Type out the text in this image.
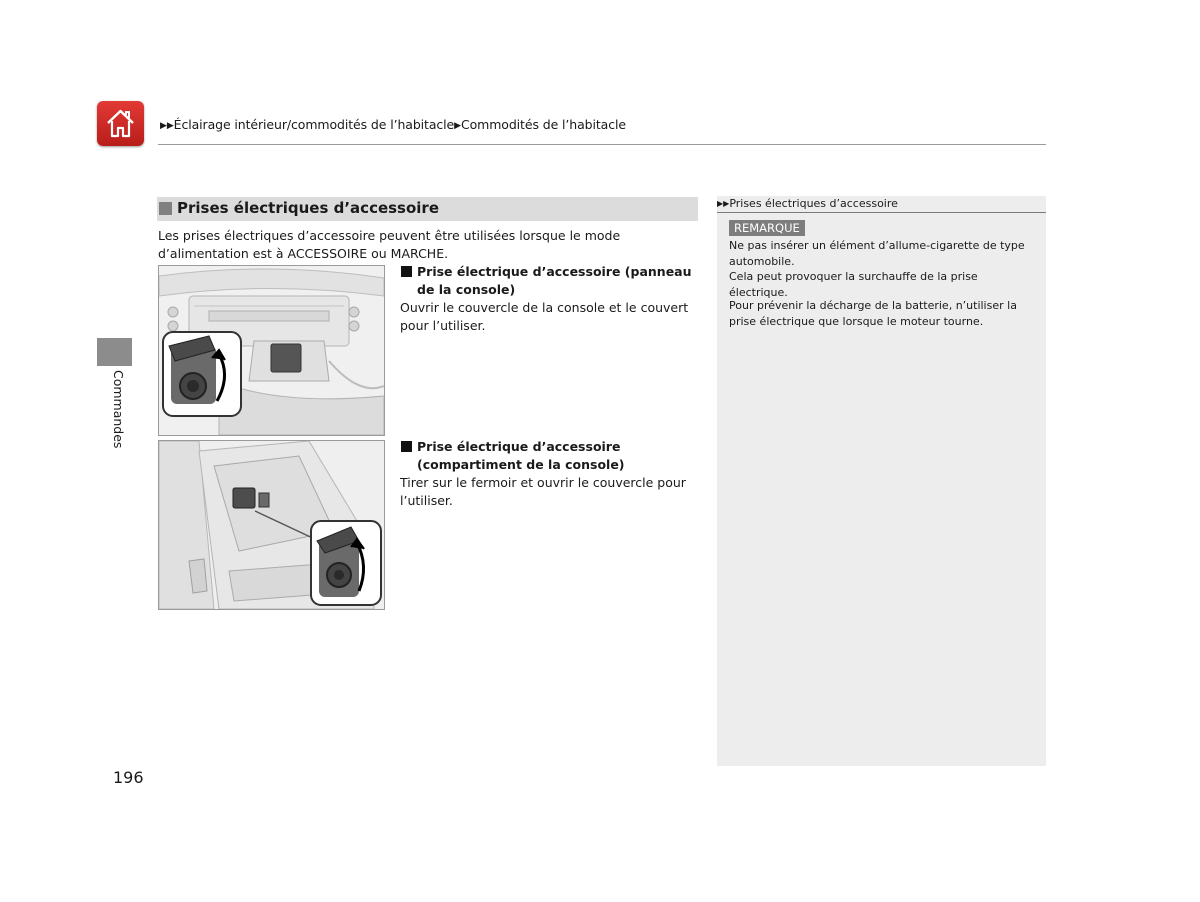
▶▶Éclairage intérieur/commodités de l’habitacle▶Commodités de l’habitacle
Commandes
Prises électriques d’accessoire
Les prises électriques d’accessoire peuvent être utilisées lorsque le mode d’alimentation est à ACCESSOIRE ou MARCHE.
Prise électrique d’accessoire (panneau de la console)
Ouvrir le couvercle de la console et le couvert pour l’utiliser.
Prise électrique d’accessoire (compartiment de la console)
Tirer sur le fermoir et ouvrir le couvercle pour l’utiliser.
▶▶Prises électriques d’accessoire
REMARQUE
Ne pas insérer un élément d’allume-cigarette de type automobile.
Cela peut provoquer la surchauffe de la prise électrique.
Pour prévenir la décharge de la batterie, n’utiliser la prise électrique que lorsque le moteur tourne.
196
